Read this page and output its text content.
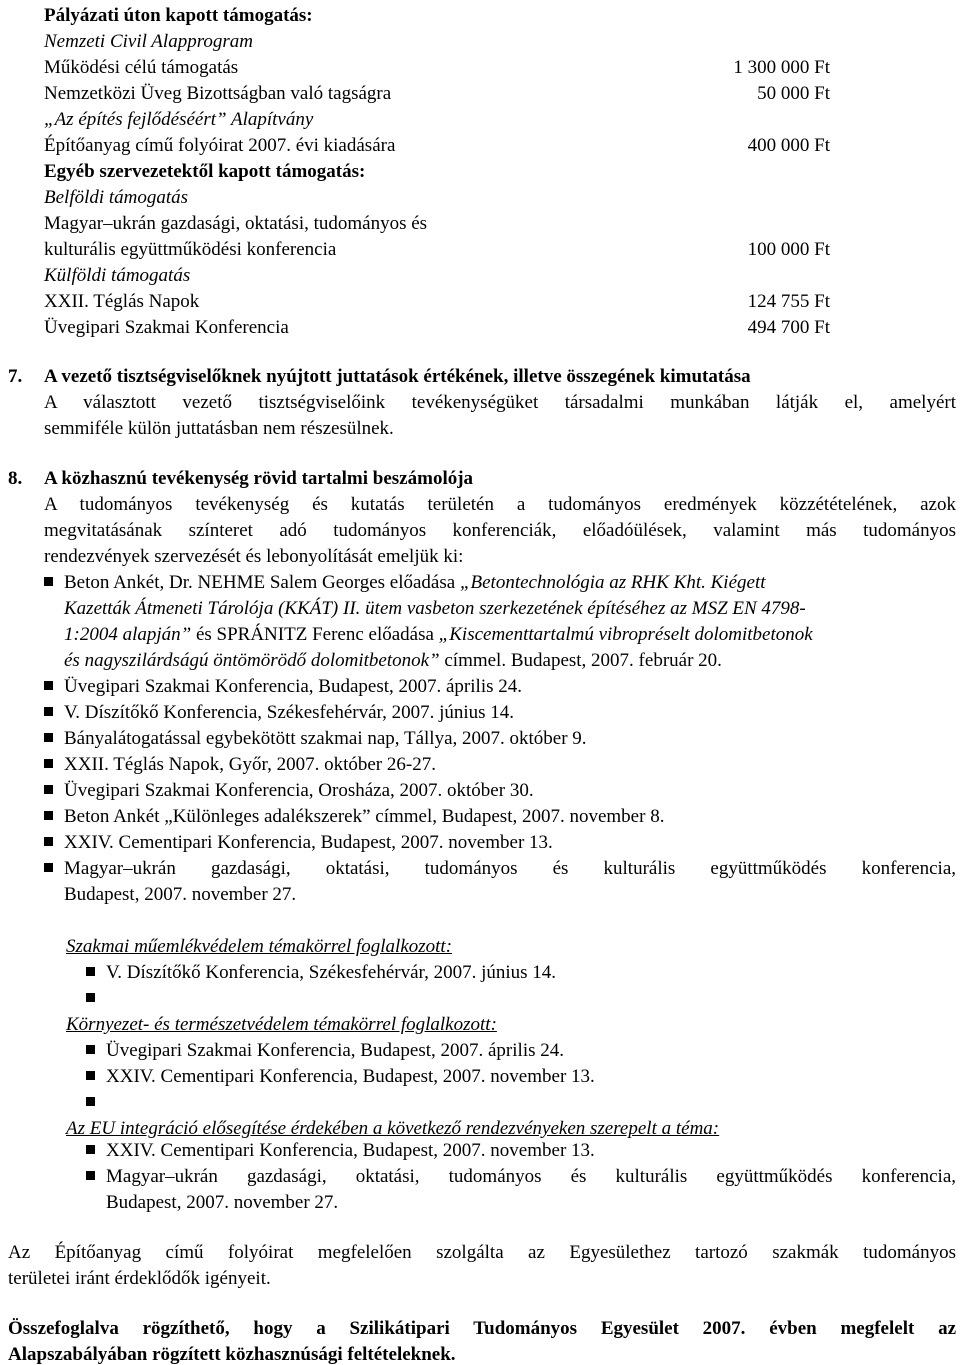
Pályázati úton kapott támogatás:
Nemzeti Civil Alapprogram
Működési célú támogatás	1 300 000 Ft
Nemzetközi Üveg Bizottságban való tagságra	50 000 Ft
„Az építés fejlődéséért” Alapítvány
Építőanyag című folyóirat 2007. évi kiadására	400 000 Ft
Egyéb szervezetektől kapott támogatás:
Belföldi támogatás
Magyar–ukrán gazdasági, oktatási, tudományos és
kulturális együttműködési konferencia	100 000 Ft
Külföldi támogatás
XXII. Téglás Napok	124 755 Ft
Üvegipari Szakmai Konferencia	494 700 Ft
7. A vezető tisztségviselőknek nyújtott juttatások értékének, illetve összegének kimutatása
A választott vezető tisztségviselőink tevékenységüket társadalmi munkában látják el, amelyért
semmiféle külön juttatásban nem részesülnek.
8. A közhasznú tevékenység rövid tartalmi beszámolója
A tudományos tevékenység és kutatás területén a tudományos eredmények közzétételének, azok
megvitatásának színteret adó tudományos konferenciák, előadóülések, valamint más tudományos
rendezvények szervezését és lebonyolítását emeljük ki:
Beton Ankét, Dr. NEHME Salem Georges előadása „Betontechnológia az RHK Kht. Kiégett
Kazetták Átmeneti Tárolója (KKÁT) II. ütem vasbeton szerkezetének építéséhez az MSZ EN 4798-
1:2004 alapján” és SPRÁNITZ Ferenc előadása „Kiscementtartalmú vibropréselt dolomitbetonok
és nagyszilárdságú öntömörödő dolomitbetonok” címmel. Budapest, 2007. február 20.
Üvegipari Szakmai Konferencia, Budapest, 2007. április 24.
V. Díszítőkő Konferencia, Székesfehérvár, 2007. június 14.
Bányalátogatással egybekötött szakmai nap, Tállya, 2007. október 9.
XXII. Téglás Napok, Győr, 2007. október 26-27.
Üvegipari Szakmai Konferencia, Orosháza, 2007. október 30.
Beton Ankét „Különleges adalékszerek” címmel, Budapest, 2007. november 8.
XXIV. Cementipari Konferencia, Budapest, 2007. november 13.
Magyar–ukrán gazdasági, oktatási, tudományos és kulturális együttműködés konferencia,
Budapest, 2007. november 27.
Szakmai műemlékvédelem témakörrel foglalkozott:
V. Díszítőkő Konferencia, Székesfehérvár, 2007. június 14.
Környezet- és természetvédelem témakörrel foglalkozott:
Üvegipari Szakmai Konferencia, Budapest, 2007. április 24.
XXIV. Cementipari Konferencia, Budapest, 2007. november 13.
Az EU integráció elősegítése érdekében a következő rendezvényeken szerepelt a téma:
XXIV. Cementipari Konferencia, Budapest, 2007. november 13.
Magyar–ukrán gazdasági, oktatási, tudományos és kulturális együttműködés konferencia,
Budapest, 2007. november 27.
Az Építőanyag című folyóirat megfelelően szolgálta az Egyesülethez tartozó szakmák tudományos
területei iránt érdeklődők igényeit.
Összefoglalva rögzíthető, hogy a Szilikátipari Tudományos Egyesület 2007. évben megfelelt az
Alapszabályában rögzített közhasznúsági feltételeknek.
